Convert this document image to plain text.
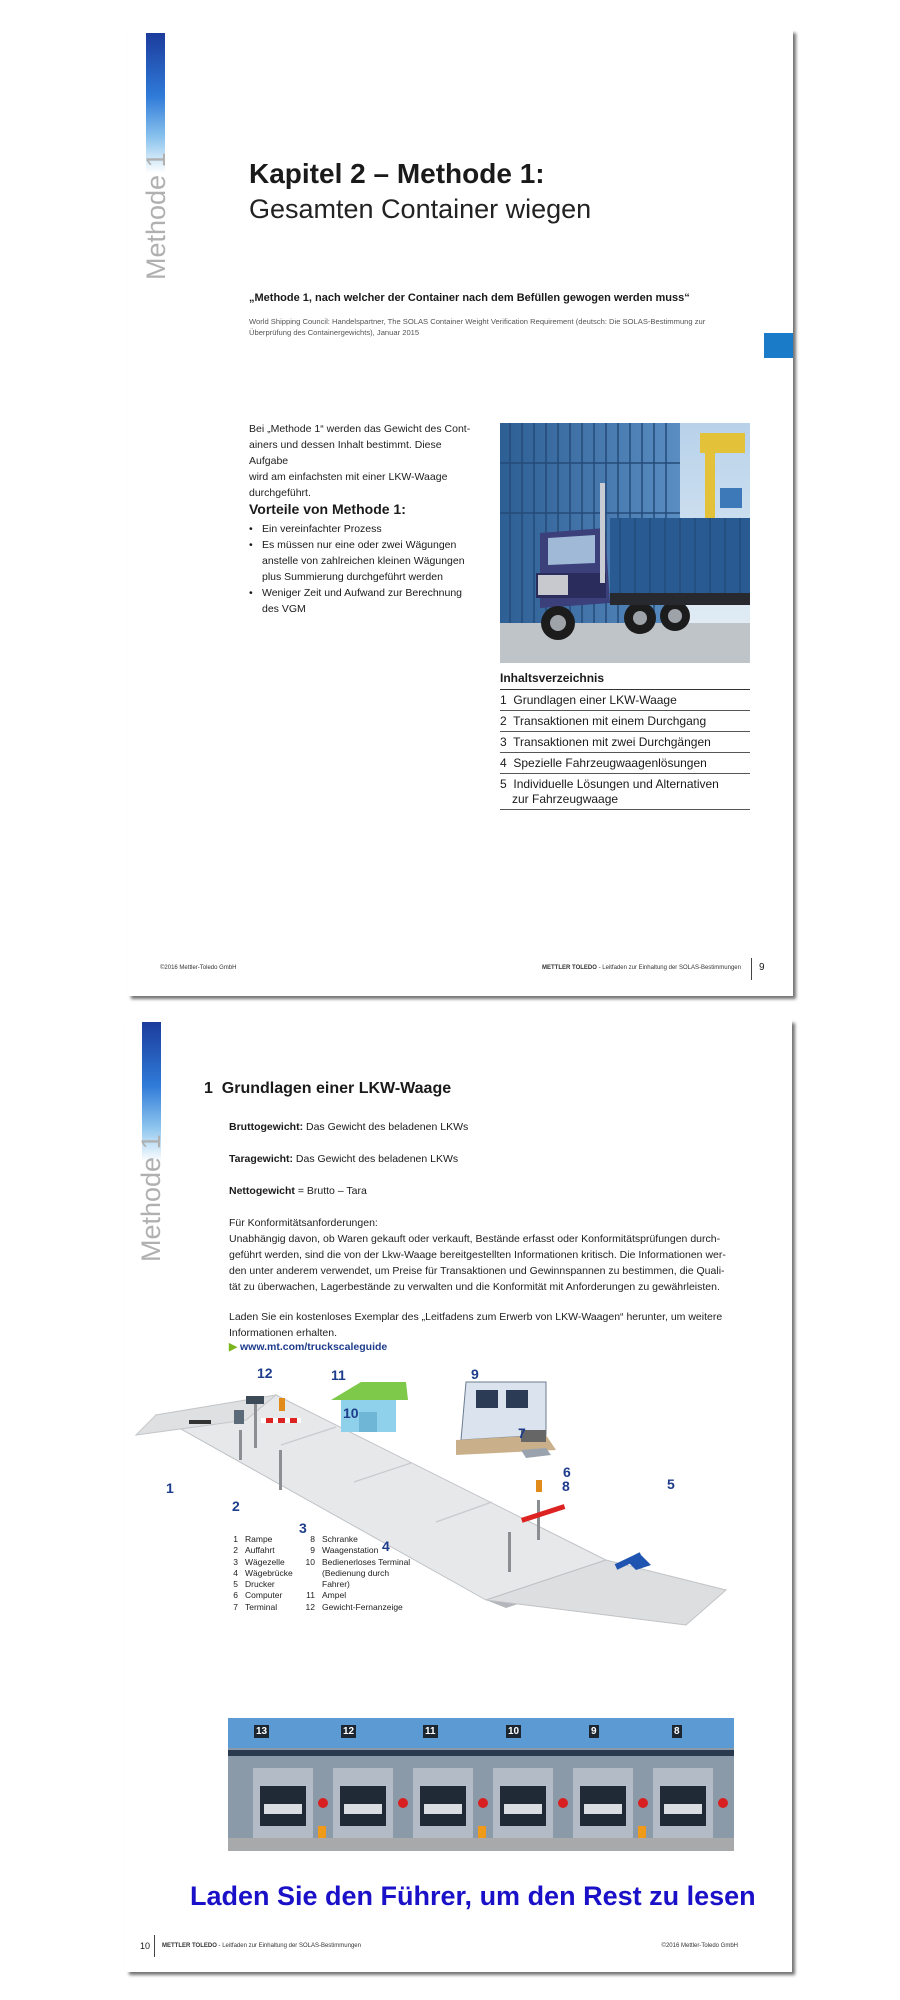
Methode 1	Kapitel 2 – Methode 1:
Gesamten Container wiegen
„Methode 1, nach welcher der Container nach dem Befüllen gewogen werden muss“
World Shipping Council: Handelspartner, The SOLAS Container Weight Verification Requirement (deutsch: Die SOLAS-Bestimmung zur
Überprüfung des Containergewichts), Januar 2015

Bei „Methode 1“ werden das Gewicht des Cont-
ainers und dessen Inhalt bestimmt. Diese Aufgabe
wird am einfachsten mit einer LKW-Waage
durchgeführt.

Vorteile von Methode 1:
• Ein vereinfachter Prozess
• Es müssen nur eine oder zwei Wägungen
anstelle von zahlreichen kleinen Wägungen
plus Summierung durchgeführt werden
• Weniger Zeit und Aufwand zur Berechnung
des VGM
Inhaltsverzeichnis
1 Grundlagen einer LKW-Waage
2 Transaktionen mit einem Durchgang
3 Transaktionen mit zwei Durchgängen
4 Spezielle Fahrzeugwaagenlösungen
5 Individuelle Lösungen und Alternativen
zur Fahrzeugwaage
©2016 Mettler-Toledo GmbH	METTLER TOLEDO - Leitfaden zur Einhaltung der SOLAS-Bestimmungen 9
Methode 1
1 Grundlagen einer LKW-Waage
Bruttogewicht: Das Gewicht des beladenen LKWs
Taragewicht: Das Gewicht des beladenen LKWs
Nettogewicht = Brutto – Tara

Für Konformitätsanforderungen:
Unabhängig davon, ob Waren gekauft oder verkauft, Bestände erfasst oder Konformitätsprüfungen durch-
geführt werden, sind die von der Lkw-Waage bereitgestellten Informationen kritisch. Die Informationen wer-
den unter anderem verwendet, um Preise für Transaktionen und Gewinnspannen zu bestimmen, die Quali-
tät zu überwachen, Lagerbestände zu verwalten und die Konformität mit Anforderungen zu gewährleisten.

Laden Sie ein kostenloses Exemplar des „Leitfadens zum Erwerb von LKW-Waagen“ herunter, um weitere
Informationen erhalten.

▶ www.mt.com/truckscaleguide
1
2
3
4
5
6
7
8
9
10
11
12
1 Rampe
2 Auffahrt
3 Wägezelle
4 Wägebrücke
5 Drucker
6 Computer
7 Terminal
8 Schranke
9 Waagenstation
10 Bedienerloses Terminal
(Bedienung durch
Fahrer)
11 Ampel
12 Gewicht-Fernanzeige
13	12	11	10	9	8
Laden Sie den Führer, um den Rest zu lesen
10 METTLER TOLEDO - Leitfaden zur Einhaltung der SOLAS-Bestimmungen	©2016 Mettler-Toledo GmbH
